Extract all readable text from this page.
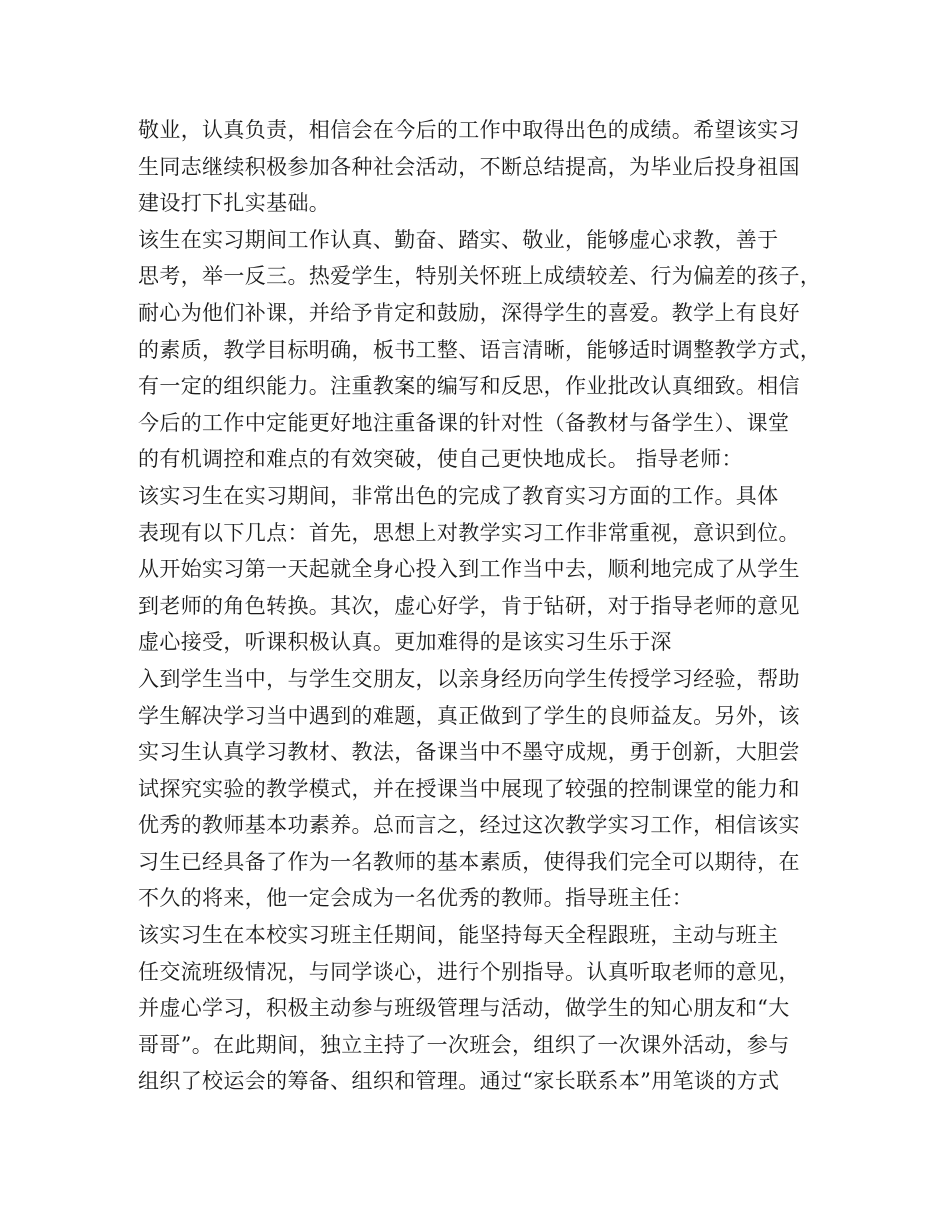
敬业，认真负责，相信会在今后的工作中取得出色的成绩。希望该实习
生同志继续积极参加各种社会活动，不断总结提高，为毕业后投身祖国
建设打下扎实基础。
该生在实习期间工作认真、勤奋、踏实、敬业，能够虚心求教，善于
思考，举一反三。热爱学生，特别关怀班上成绩较差、行为偏差的孩子，
耐心为他们补课，并给予肯定和鼓励，深得学生的喜爱。教学上有良好
的素质，教学目标明确，板书工整、语言清晰，能够适时调整教学方式，
有一定的组织能力。注重教案的编写和反思，作业批改认真细致。相信
今后的工作中定能更好地注重备课的针对性（备教材与备学生）、课堂
的有机调控和难点的有效突破，使自己更快地成长。 指导老师：
该实习生在实习期间，非常出色的完成了教育实习方面的工作。具体
表现有以下几点：首先，思想上对教学实习工作非常重视，意识到位。
从开始实习第一天起就全身心投入到工作当中去，顺利地完成了从学生
到老师的角色转换。其次，虚心好学，肯于钻研，对于指导老师的意见
虚心接受，听课积极认真。更加难得的是该实习生乐于深
入到学生当中，与学生交朋友，以亲身经历向学生传授学习经验，帮助
学生解决学习当中遇到的难题，真正做到了学生的良师益友。另外，该
实习生认真学习教材、教法，备课当中不墨守成规，勇于创新，大胆尝
试探究实验的教学模式，并在授课当中展现了较强的控制课堂的能力和
优秀的教师基本功素养。总而言之，经过这次教学实习工作，相信该实
习生已经具备了作为一名教师的基本素质，使得我们完全可以期待，在
不久的将来，他一定会成为一名优秀的教师。指导班主任：
该实习生在本校实习班主任期间，能坚持每天全程跟班，主动与班主
任交流班级情况，与同学谈心，进行个别指导。认真听取老师的意见，
并虚心学习，积极主动参与班级管理与活动，做学生的知心朋友和“大
哥哥”。在此期间，独立主持了一次班会，组织了一次课外活动，参与
组织了校运会的筹备、组织和管理。通过“家长联系本”用笔谈的方式
